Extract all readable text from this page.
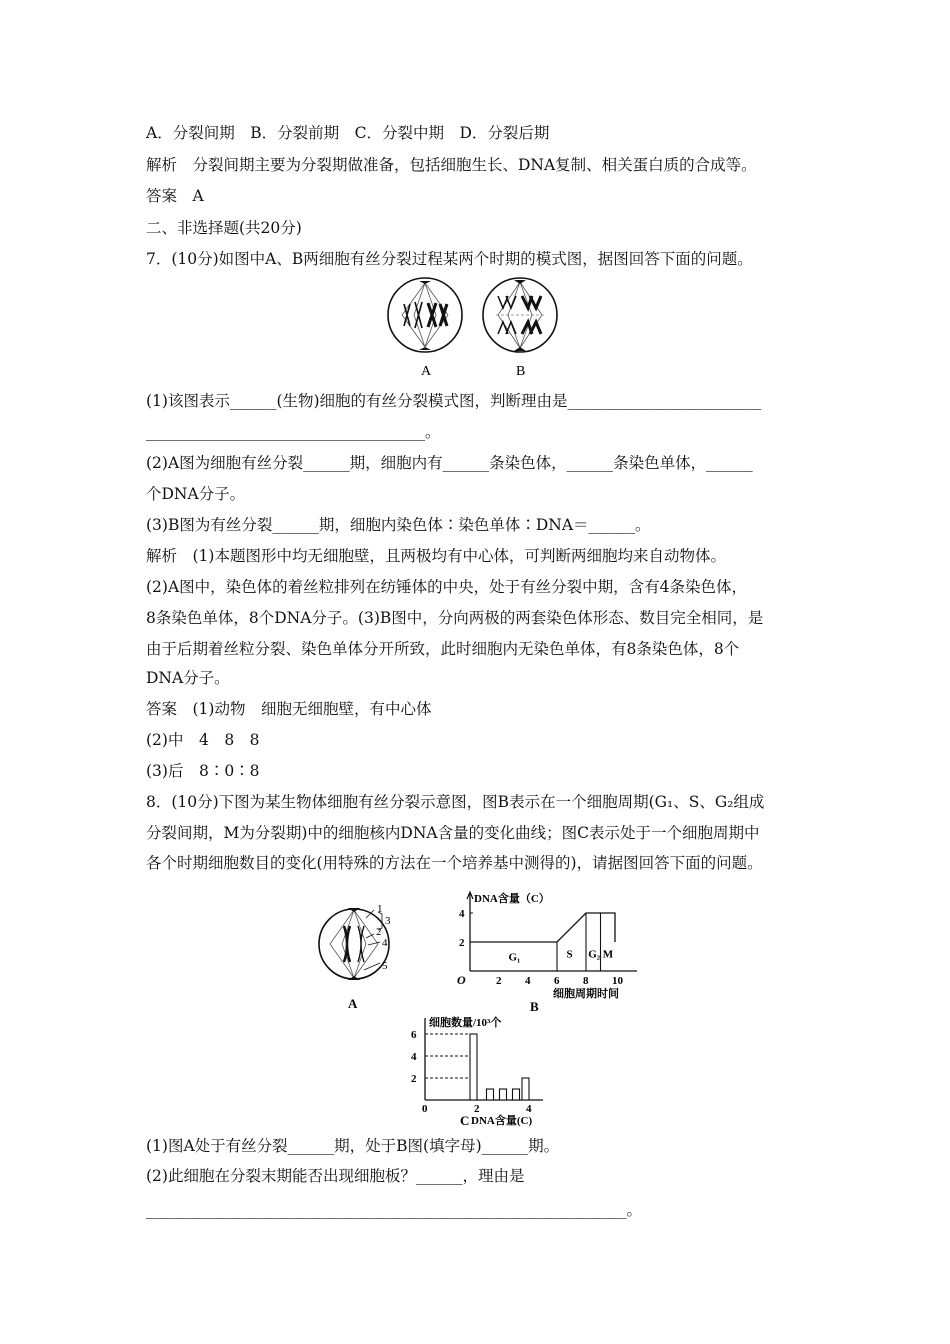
A．分裂间期　B．分裂前期　C．分裂中期　D．分裂后期
解析　分裂间期主要为分裂期做准备，包括细胞生长、DNA复制、相关蛋白质的合成等。
答案　A
二、非选择题(共20分)
7．(10分)如图中A、B两细胞有丝分裂过程某两个时期的模式图，据图回答下面的问题。
A	B
(1)该图表示______(生物)细胞的有丝分裂模式图，判断理由是_________________________
____________________________________。
(2)A图为细胞有丝分裂______期，细胞内有______条染色体，______条染色单体，______
个DNA分子。
(3)B图为有丝分裂______期，细胞内染色体∶染色单体∶DNA＝______。
解析　(1)本题图形中均无细胞壁，且两极均有中心体，可判断两细胞均来自动物体。
(2)A图中，染色体的着丝粒排列在纺锤体的中央，处于有丝分裂中期，含有4条染色体，
8条染色单体，8个DNA分子。(3)B图中，分向两极的两套染色体形态、数目完全相同，是
由于后期着丝粒分裂、染色单体分开所致，此时细胞内无染色单体，有8条染色体，8个
DNA分子。
答案　(1)动物　细胞无细胞壁，有中心体
(2)中　4　8　8
(3)后　8∶0∶8
8．(10分)下图为某生物体细胞有丝分裂示意图，图B表示在一个细胞周期(G₁、S、G₂组成
分裂间期，M为分裂期)中的细胞核内DNA含量的变化曲线；图C表示处于一个细胞周期中
各个时期细胞数目的变化(用特殊的方法在一个培养基中测得的)，请据图回答下面的问题。
1
2
3
4
5
A
DNA含量（C）
O
2
4
2 4 6 8 10
G₁	S G₂ M
细胞周期时间
B
细胞数量/10³个
2
4
6
0	2	4
DNA含量(C)
C
(1)图A处于有丝分裂______期，处于B图(填字母)______期。
(2)此细胞在分裂末期能否出现细胞板？______，理由是
______________________________________________________________。
